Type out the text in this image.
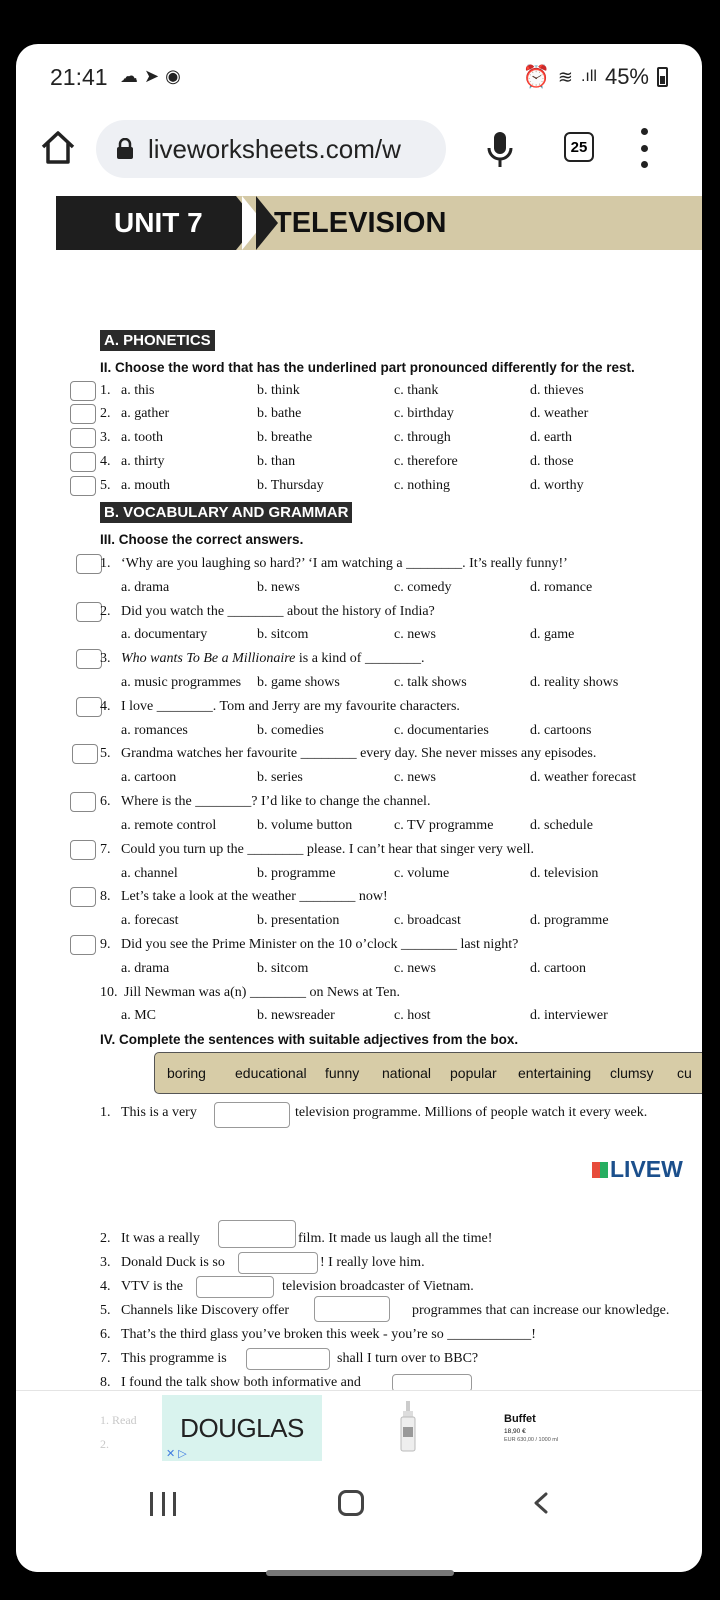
21:41 ☁ ➤ ◉	⏰ ≋ .ıll 45%
liveworksheets.com/w	25
UNIT 7	TELEVISION
A. PHONETICS
II. Choose the word that has the underlined part pronounced differently for the rest.
1. a. this	b. think	c. thank	d. thieves
2. a. gather	b. bathe	c. birthday	d. weather
3. a. tooth	b. breathe	c. through	d. earth
4. a. thirty	b. than	c. therefore	d. those
5. a. mouth	b. Thursday	c. nothing	d. worthy
B. VOCABULARY AND GRAMMAR
III. Choose the correct answers.
1. ‘Why are you laughing so hard?’ ‘I am watching a ________. It’s really funny!’
a. drama	b. news	c. comedy	d. romance
2. Did you watch the ________ about the history of India?
a. documentary	b. sitcom	c. news	d. game
3. Who wants To Be a Millionaire is a kind of ________.
a. music programmes b. game shows	c. talk shows	d. reality shows
4. I love ________. Tom and Jerry are my favourite characters.
a. romances	b. comedies	c. documentaries	d. cartoons
5. Grandma watches her favourite ________ every day. She never misses any episodes.
a. cartoon	b. series	c. news	d. weather forecast
6. Where is the ________? I’d like to change the channel.
a. remote control	b. volume button	c. TV programme	d. schedule
7. Could you turn up the ________ please. I can’t hear that singer very well.
a. channel	b. programme	c. volume	d. television
8. Let’s take a look at the weather ________ now!
a. forecast	b. presentation	c. broadcast	d. programme
9. Did you see the Prime Minister on the 10 o’clock ________ last night?
a. drama	b. sitcom	c. news	d. cartoon
10. Jill Newman was a(n) ________ on News at Ten.
a. MC	b. newsreader	c. host	d. interviewer
IV. Complete the sentences with suitable adjectives from the box.
boring educational funny national popular entertaining clumsy cu
1. This is a very	television programme. Millions of people watch it every week.
LIVEW
2. It was a really	film. It made us laugh all the time!
3. Donald Duck is so	! I really love him.
4. VTV is the	television broadcaster of Vietnam.
5. Channels like Discovery offer	programmes that can increase our knowledge.
6. That’s the third glass you’ve broken this week - you’re so ____________!
7. This programme is	shall I turn over to BBC?
8. I found the talk show both informative and
1. Read
2.
DOUGLAS
✕ ▷
Buffet
18,90 €
EUR 630,00 / 1000 ml
